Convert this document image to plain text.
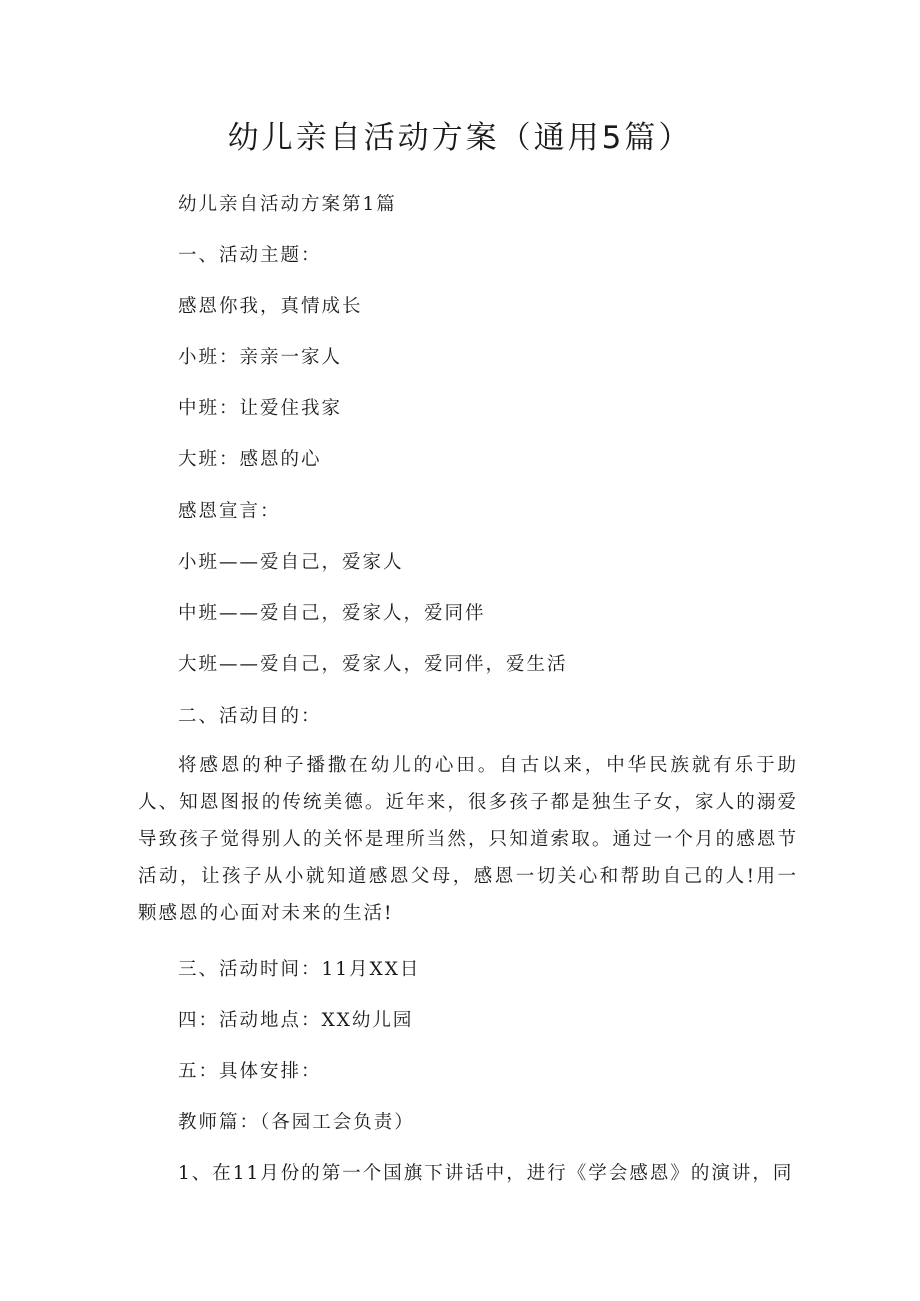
幼儿亲自活动方案（通用5篇）

幼儿亲自活动方案第1篇

一、活动主题：

感恩你我，真情成长

小班：亲亲一家人

中班：让爱住我家

大班：感恩的心

感恩宣言：

小班——爱自己，爱家人

中班——爱自己，爱家人，爱同伴

大班——爱自己，爱家人，爱同伴，爱生活

二、活动目的：

将感恩的种子播撒在幼儿的心田。自古以来，中华民族就有乐于助人、知恩图报的传统美德。近年来，很多孩子都是独生子女，家人的溺爱导致孩子觉得别人的关怀是理所当然，只知道索取。通过一个月的感恩节活动，让孩子从小就知道感恩父母，感恩一切关心和帮助自己的人!用一颗感恩的心面对未来的生活!

三、活动时间：11月XX日

四：活动地点：XX幼儿园

五：具体安排：

教师篇：（各园工会负责）

1、在11月份的第一个国旗下讲话中，进行《学会感恩》的演讲，同
